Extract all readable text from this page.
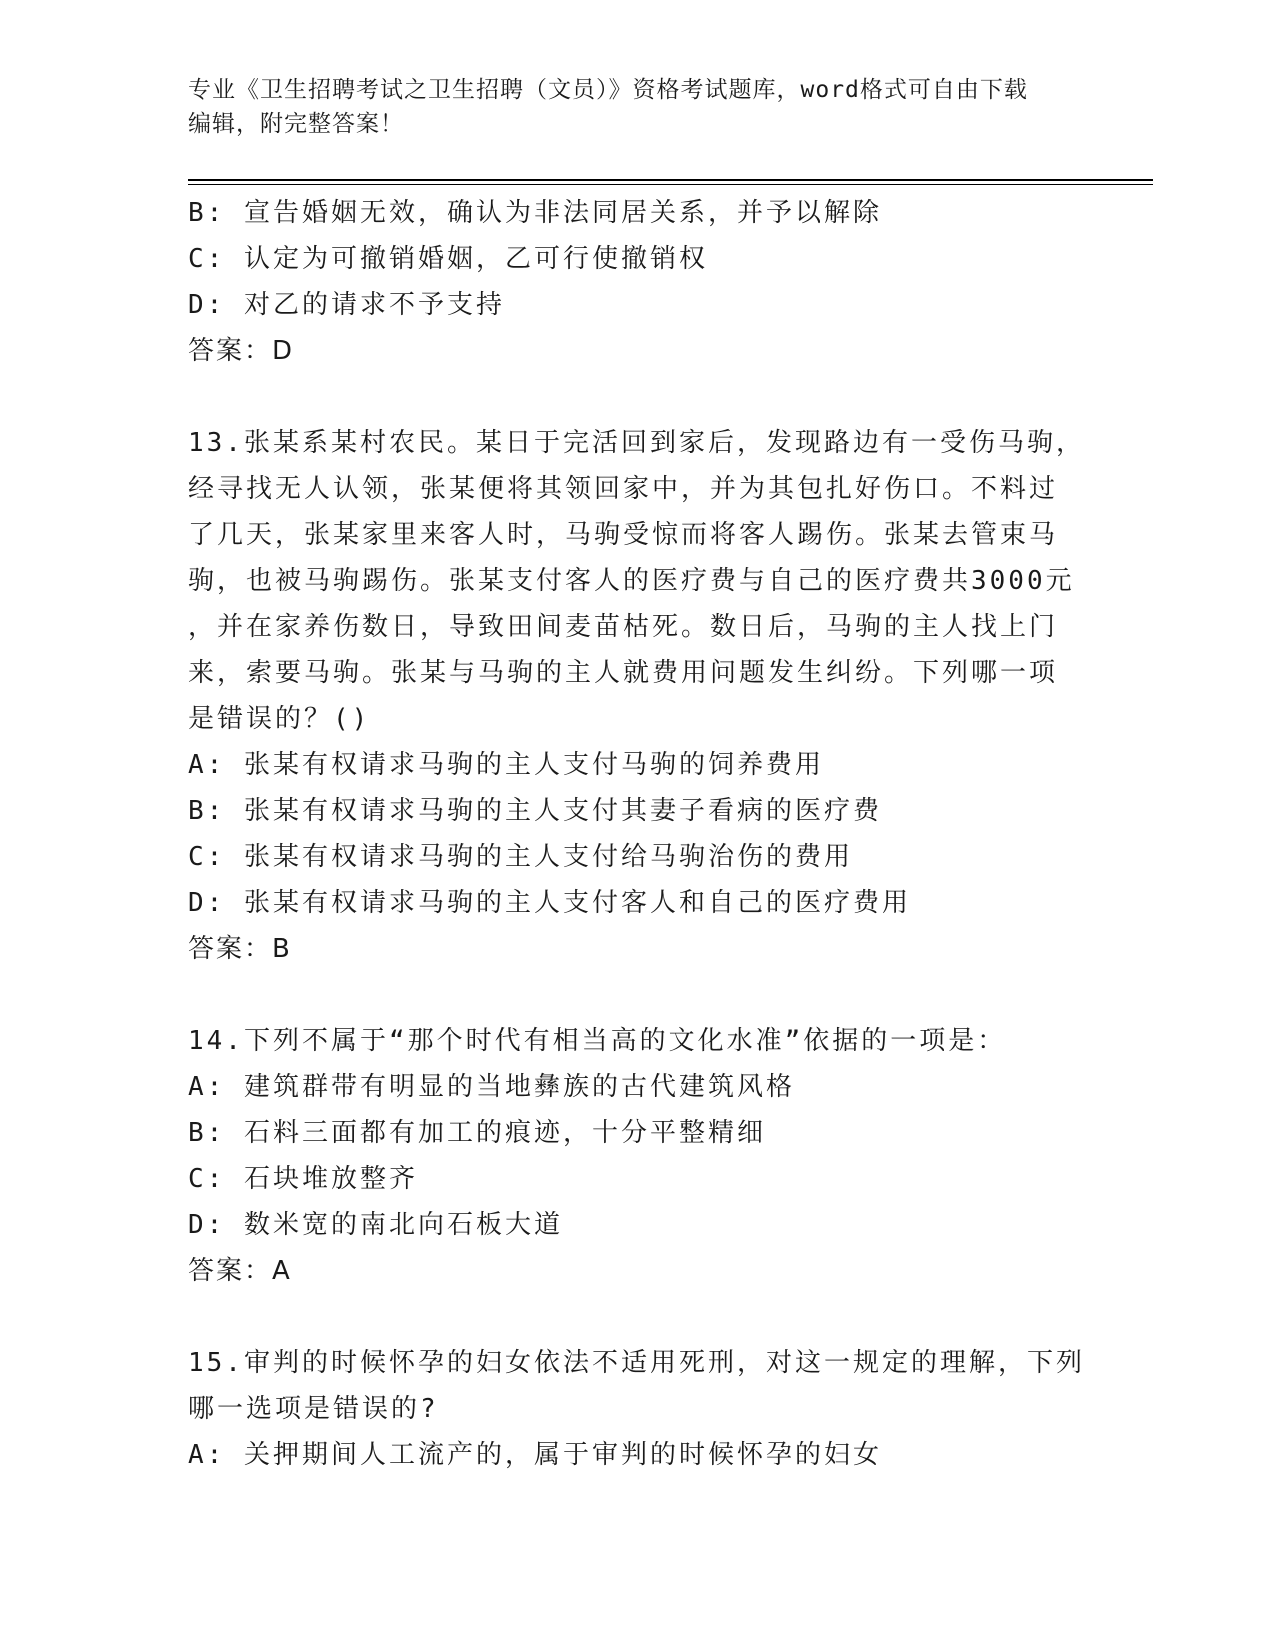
专业《卫生招聘考试之卫生招聘（文员）》资格考试题库，word格式可自由下载
编辑，附完整答案！
B: 宣告婚姻无效，确认为非法同居关系，并予以解除
C: 认定为可撤销婚姻，乙可行使撤销权
D: 对乙的请求不予支持
答案：D
13.张某系某村农民。某日于完活回到家后，发现路边有一受伤马驹，
经寻找无人认领，张某便将其领回家中，并为其包扎好伤口。不料过
了几天，张某家里来客人时，马驹受惊而将客人踢伤。张某去管束马
驹，也被马驹踢伤。张某支付客人的医疗费与自己的医疗费共3000元
，并在家养伤数日，导致田间麦苗枯死。数日后，马驹的主人找上门
来，索要马驹。张某与马驹的主人就费用问题发生纠纷。下列哪一项
是错误的？()
A: 张某有权请求马驹的主人支付马驹的饲养费用
B: 张某有权请求马驹的主人支付其妻子看病的医疗费
C: 张某有权请求马驹的主人支付给马驹治伤的费用
D: 张某有权请求马驹的主人支付客人和自己的医疗费用
答案：B
14.下列不属于“那个时代有相当高的文化水准”依据的一项是：
A: 建筑群带有明显的当地彝族的古代建筑风格
B: 石料三面都有加工的痕迹，十分平整精细
C: 石块堆放整齐
D: 数米宽的南北向石板大道
答案：A
15.审判的时候怀孕的妇女依法不适用死刑，对这一规定的理解，下列
哪一选项是错误的?
A: 关押期间人工流产的，属于审判的时候怀孕的妇女
